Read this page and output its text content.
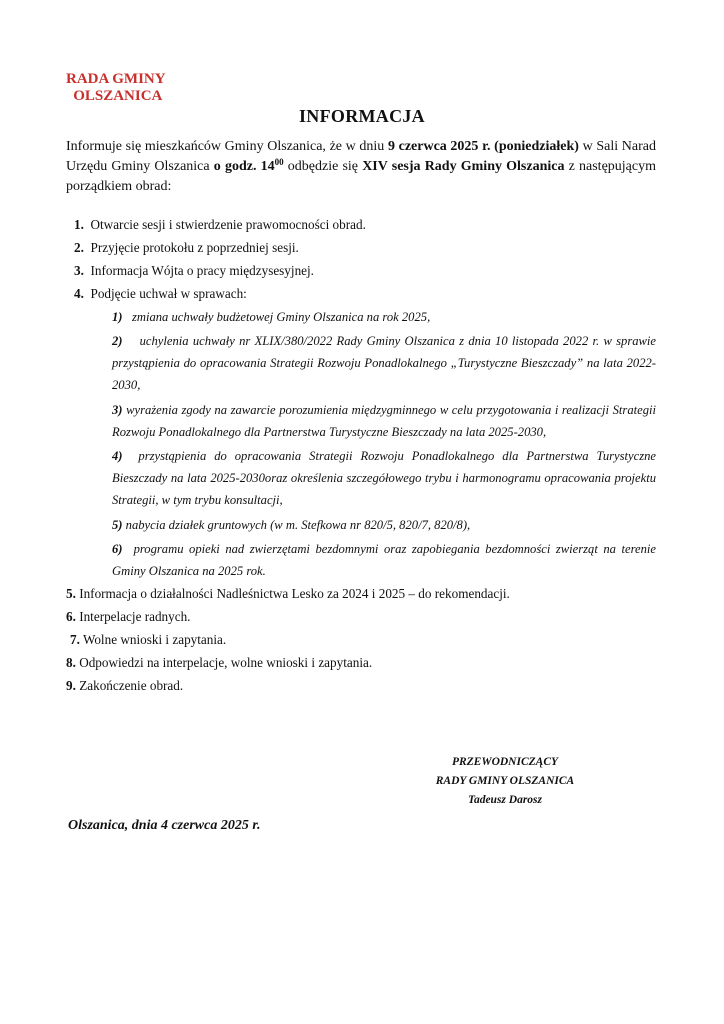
RADA GMINY

OLSZANICA
INFORMACJA
Informuje się mieszkańców Gminy Olszanica, że w dniu 9 czerwca 2025 r. (poniedziałek) w Sali Narad Urzędu Gminy Olszanica o godz. $14^{00}$ odbędzie się XIV sesja Rady Gminy Olszanica z następującym porządkiem obrad:
1. Otwarcie sesji i stwierdzenie prawomocności obrad.
2. Przyjęcie protokołu z poprzedniej sesji.
3. Informacja Wójta o pracy międzysesyjnej.
4. Podjęcie uchwał w sprawach:
1) zmiana uchwały budżetowej Gminy Olszanica na rok 2025,
2) uchylenia uchwały nr XLIX/380/2022 Rady Gminy Olszanica z dnia 10 listopada 2022 r. w sprawie przystąpienia do opracowania Strategii Rozwoju Ponadlokalnego „Turystyczne Bieszczady” na lata 2022-2030,
3) wyrażenia zgody na zawarcie porozumienia międzygminnego w celu przygotowania i realizacji Strategii Rozwoju Ponadlokalnego dla Partnerstwa Turystyczne Bieszczady na lata 2025-2030,
4) przystąpienia do opracowania Strategii Rozwoju Ponadlokalnego dla Partnerstwa Turystyczne Bieszczady na lata 2025-2030oraz określenia szczegółowego trybu i harmonogramu opracowania projektu Strategii, w tym trybu konsultacji,
5) nabycia działek gruntowych (w m. Stefkowa nr 820/5, 820/7, 820/8),
6) programu opieki nad zwierzętami bezdomnymi oraz zapobiegania bezdomności zwierząt na terenie Gminy Olszanica na 2025 rok.
5. Informacja o działalności Nadleśnictwa Lesko za 2024 i 2025 – do rekomendacji.
6. Interpelacje radnych.
7. Wolne wnioski i zapytania.
8. Odpowiedzi na interpelacje, wolne wnioski i zapytania.
9. Zakończenie obrad.
PRZEWODNICZĄCY
RADY GMINY OLSZANICA
Tadeusz Darosz
Olszanica, dnia 4 czerwca 2025 r.
